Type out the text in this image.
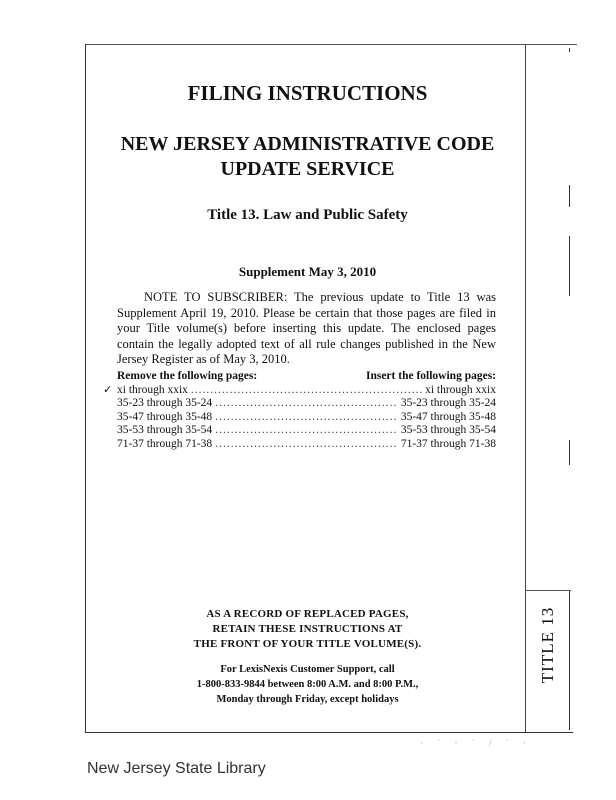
TITLE 13
FILING INSTRUCTIONS
NEW JERSEY ADMINISTRATIVE CODE
UPDATE SERVICE
Title 13. Law and Public Safety
Supplement May 3, 2010
NOTE TO SUBSCRIBER: The previous update to Title 13 was Supplement April 19, 2010. Please be certain that those pages are filed in your Title volume(s) before inserting this update. The enclosed pages contain the legally adopted text of all rule changes published in the New Jersey Register as of May 3, 2010.
Remove the following pages:	Insert the following pages:
✓ xi through xxix .....	xi through xxix
35-23 through 35-24 .....	35-23 through 35-24
35-47 through 35-48 .....	35-47 through 35-48
35-53 through 35-54 .....	35-53 through 35-54
71-37 through 71-38 .....	71-37 through 71-38
AS A RECORD OF REPLACED PAGES,
RETAIN THESE INSTRUCTIONS AT
THE FRONT OF YOUR TITLE VOLUME(S).
For LexisNexis Customer Support, call
1-800-833-9844 between 8:00 A.M. and 8:00 P.M.,
Monday through Friday, except holidays
· ˙ · ˙ / ˙ ·
New Jersey State Library
